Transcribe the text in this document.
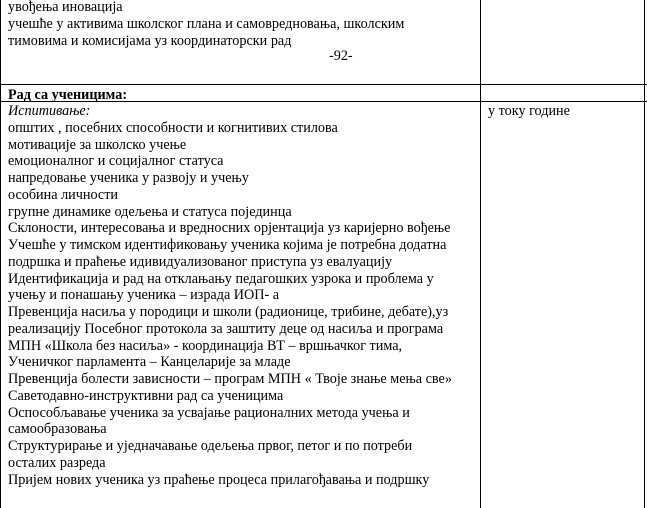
увођења иновација
учешће у активима школског плана и самовредновања, школским
тимовима и комисијама уз координаторски рад
-92-
Рад са ученицима:
Испитивање:
општих , посебних способности и когнитивих стилова
мотивације за школско учење
емоционалног и социјалног статуса
напредовање ученика у развоју и учењу
особина личности
групне динамике одељења и статуса појединца
Склоности, интересовања и вредносних орјентација уз каријерно вођење
Учешће у тимском идентификовању ученика којима је потребна додатна
подршка и праћење идивидуализованог приступа уз евалуацију
Идентификација и рад на отклањању педагошких узрока и проблема у
учењу и понашању ученика – израда ИОП- а
Превенција насиља у породици и школи (радионице, трибине, дебате),уз
реализацију Посебног протокола за заштиту деце од насиља и програма
МПН «Школа без насиља» - координација ВТ – вршњачког тима,
Ученичког парламента – Канцеларије за младе
Превенција болести зависности – програм МПН « Твоје знање мења све»
Саветодавно-инструктивни рад са ученицима
Оспособљавање ученика за усвајање рационалних метода учења и
самообразовања
Структурирање и уједначавање одељења првог, петог и по потреби
осталих разреда
Пријем нових ученика уз праћење процеса прилагођавања и подршку
у току године
